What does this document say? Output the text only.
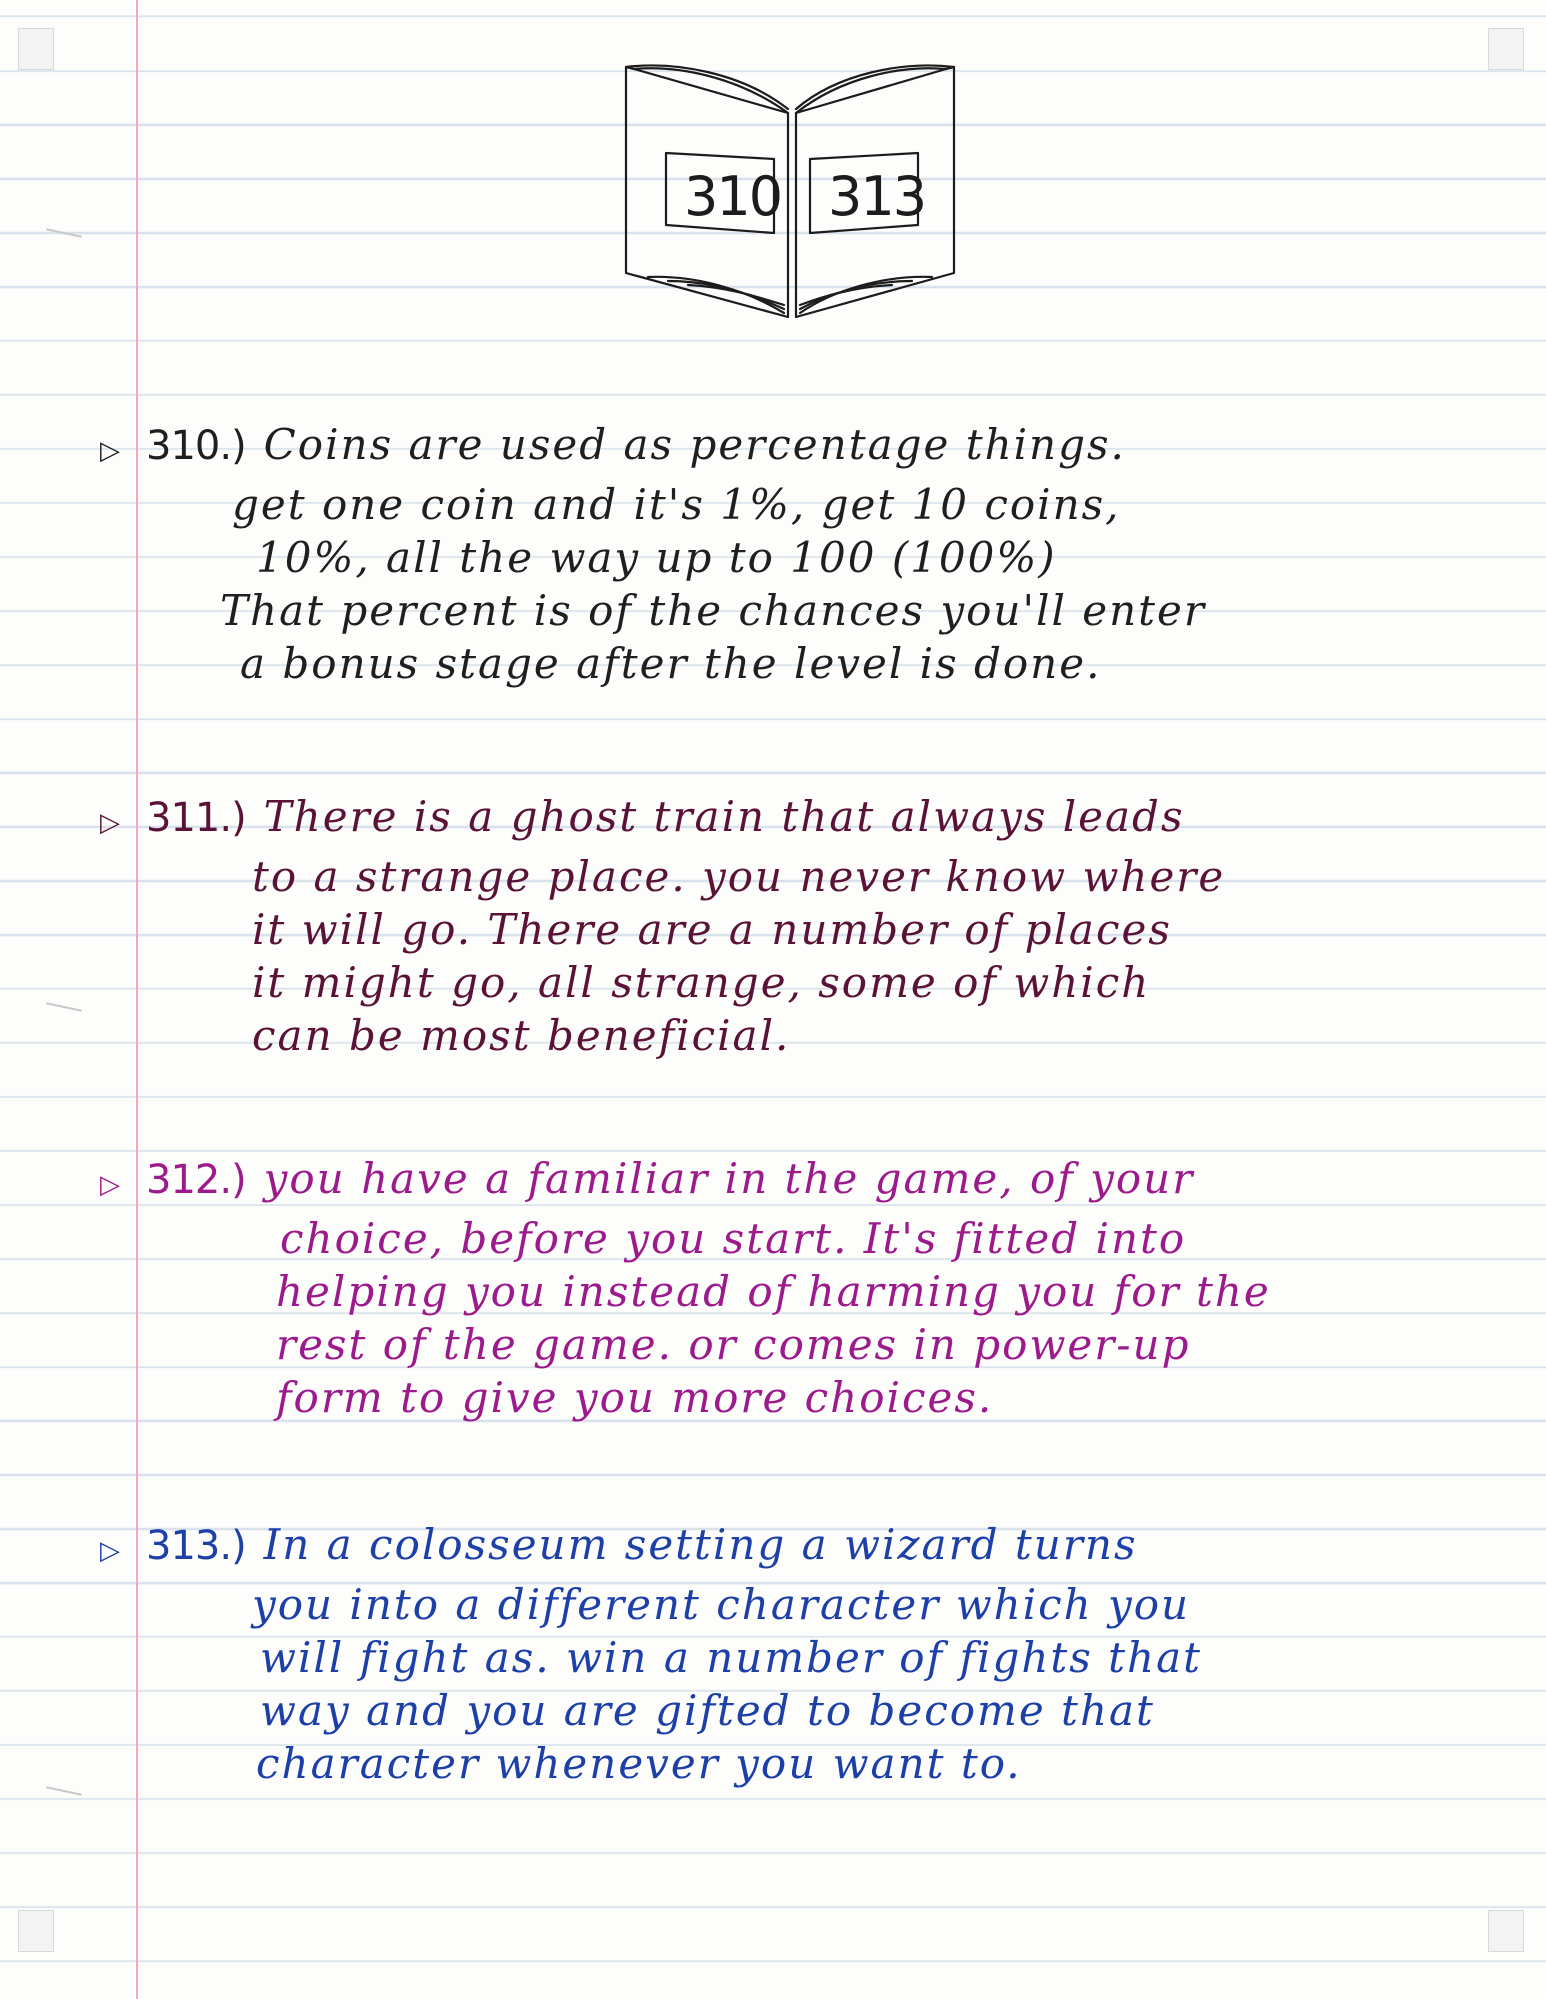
310 313
▷ 310.) Coins are used as percentage things.
get one coin and it's 1%, get 10 coins,
10%, all the way up to 100 (100%)
That percent is of the chances you'll enter
a bonus stage after the level is done.
▷ 311.) There is a ghost train that always leads
to a strange place. you never know where
it will go. There are a number of places
it might go, all strange, some of which
can be most beneficial.
▷ 312.) you have a familiar in the game, of your
choice, before you start. It's fitted into
helping you instead of harming you for the
rest of the game. or comes in power-up
form to give you more choices.
▷ 313.) In a colosseum setting a wizard turns
you into a different character which you
will fight as. win a number of fights that
way and you are gifted to become that
character whenever you want to.
